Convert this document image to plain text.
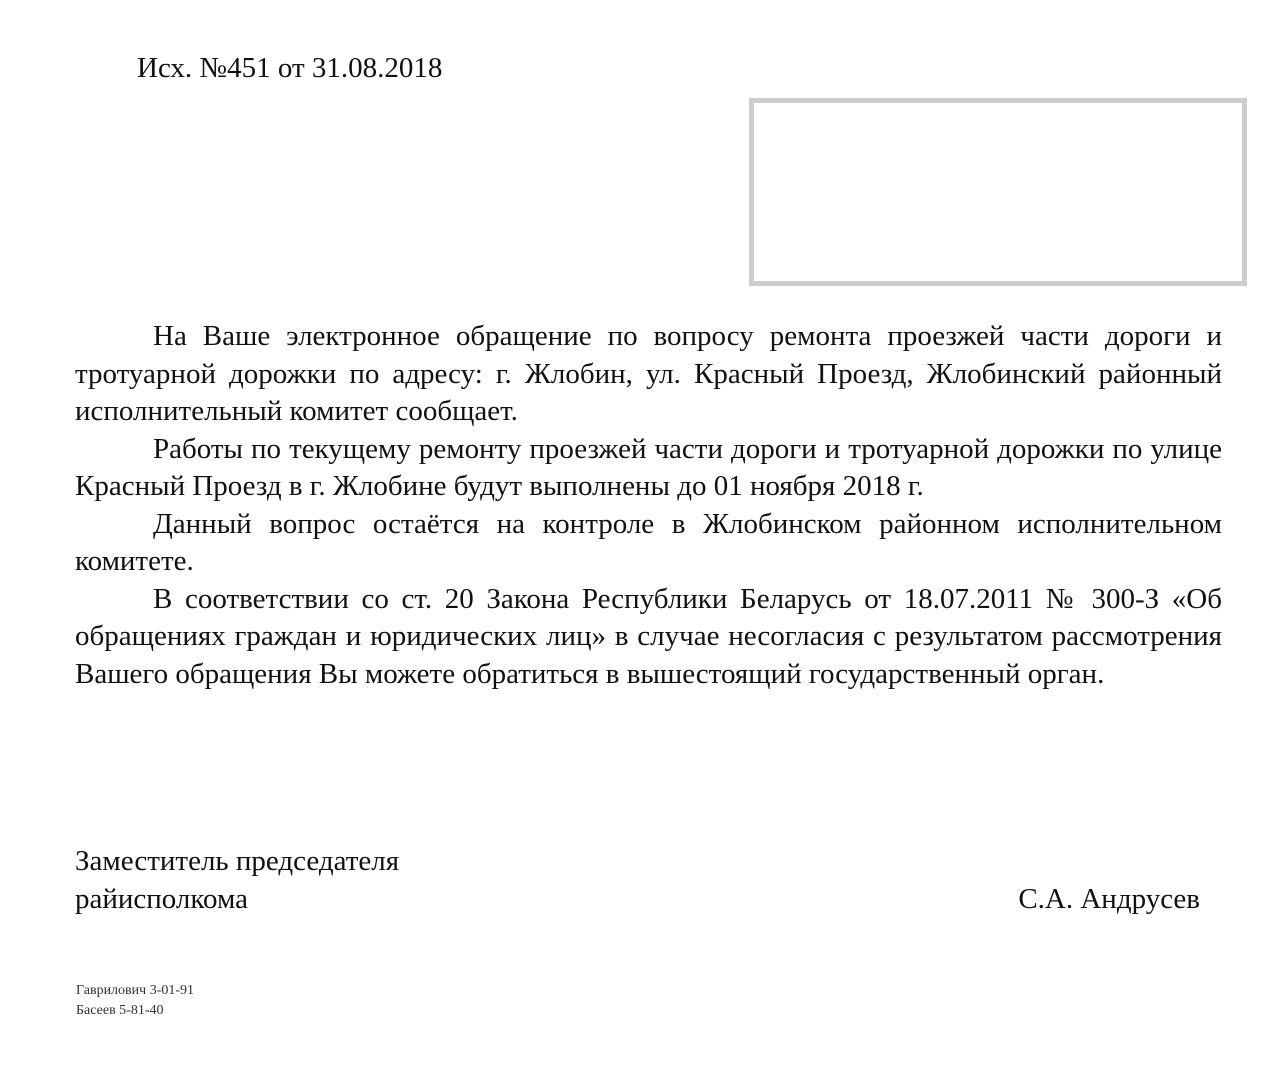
Исх. №451 от 31.08.2018

На Ваше электронное обращение по вопросу ремонта проезжей части дороги и тротуарной дорожки по адресу: г. Жлобин, ул. Красный Проезд, Жлобинский районный исполнительный комитет сообщает.

Работы по текущему ремонту проезжей части дороги и тротуарной дорожки по улице Красный Проезд в г. Жлобине будут выполнены до 01 ноября 2018 г.

Данный вопрос остаётся на контроле в Жлобинском районном исполнительном комитете.

В соответствии со ст. 20 Закона Республики Беларусь от 18.07.2011 № 300-З «Об обращениях граждан и юридических лиц» в случае несогласия с результатом рассмотрения Вашего обращения Вы можете обратиться в вышестоящий государственный орган.

Заместитель председателя
райисполкома	С.А. Андрусев
Гаврилович 3-01-91
Басеев 5-81-40
